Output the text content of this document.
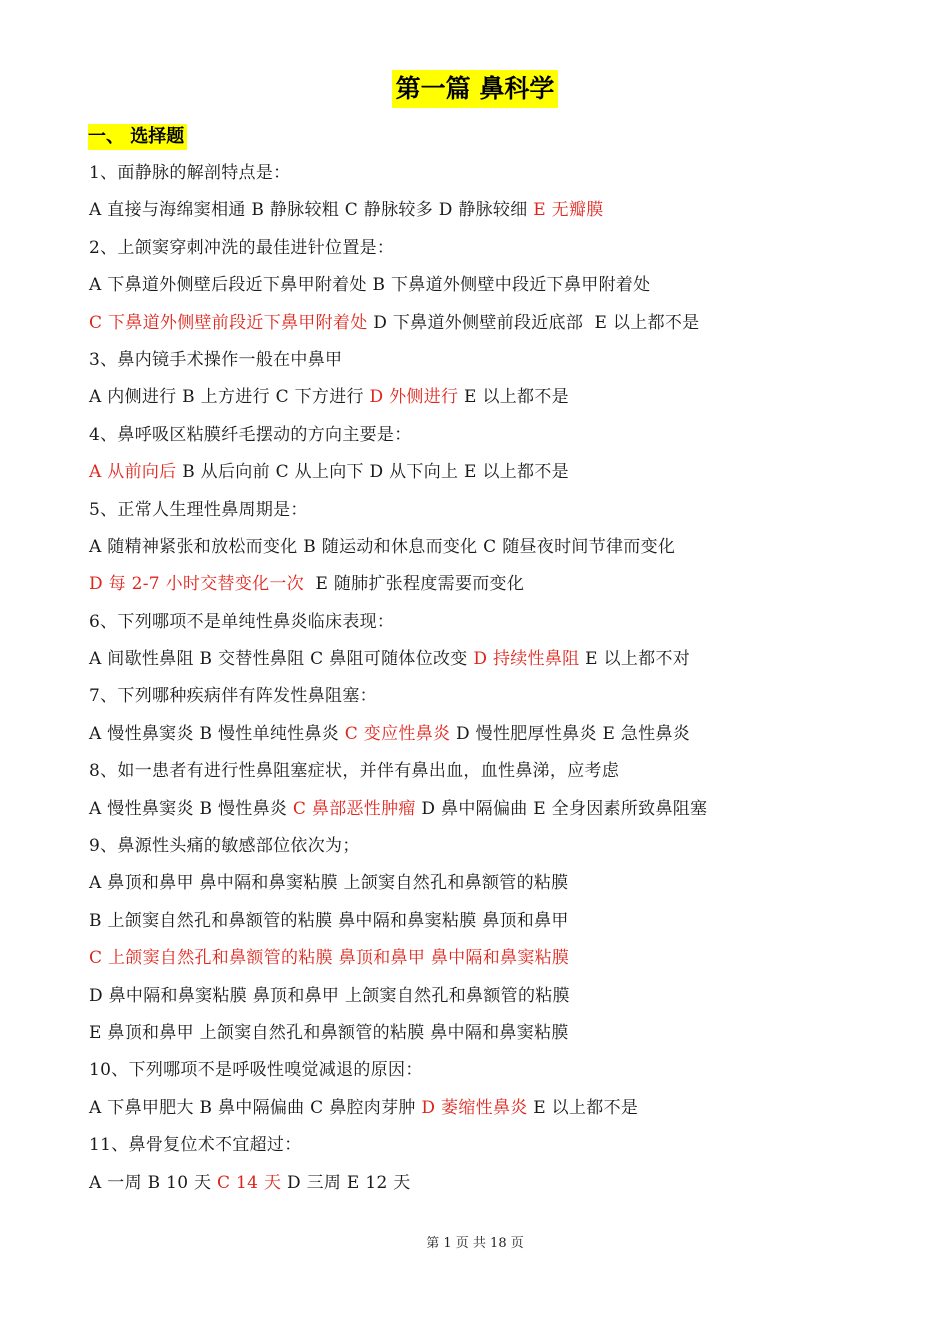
第一篇 鼻科学
一、 选择题
1、面静脉的解剖特点是：
A 直接与海绵窦相通 B 静脉较粗 C 静脉较多 D 静脉较细 E 无瓣膜
2、上颌窦穿刺冲洗的最佳进针位置是：
A 下鼻道外侧壁后段近下鼻甲附着处 B 下鼻道外侧壁中段近下鼻甲附着处
C 下鼻道外侧壁前段近下鼻甲附着处 D 下鼻道外侧壁前段近底部  E 以上都不是
3、鼻内镜手术操作一般在中鼻甲
A 内侧进行 B 上方进行 C 下方进行 D 外侧进行 E 以上都不是
4、鼻呼吸区粘膜纤毛摆动的方向主要是：
A 从前向后 B 从后向前 C 从上向下 D 从下向上 E 以上都不是
5、正常人生理性鼻周期是：
A 随精神紧张和放松而变化 B 随运动和休息而变化 C 随昼夜时间节律而变化
D 每 2-7 小时交替变化一次  E 随肺扩张程度需要而变化
6、下列哪项不是单纯性鼻炎临床表现：
A 间歇性鼻阻 B 交替性鼻阻 C 鼻阻可随体位改变 D 持续性鼻阻 E 以上都不对
7、下列哪种疾病伴有阵发性鼻阻塞：
A 慢性鼻窦炎 B 慢性单纯性鼻炎 C 变应性鼻炎 D 慢性肥厚性鼻炎 E 急性鼻炎
8、如一患者有进行性鼻阻塞症状，并伴有鼻出血，血性鼻涕，应考虑
A 慢性鼻窦炎 B 慢性鼻炎 C 鼻部恶性肿瘤 D 鼻中隔偏曲 E 全身因素所致鼻阻塞
9、鼻源性头痛的敏感部位依次为；
A 鼻顶和鼻甲 鼻中隔和鼻窦粘膜 上颌窦自然孔和鼻额管的粘膜
B 上颌窦自然孔和鼻额管的粘膜 鼻中隔和鼻窦粘膜 鼻顶和鼻甲
C 上颌窦自然孔和鼻额管的粘膜 鼻顶和鼻甲 鼻中隔和鼻窦粘膜
D 鼻中隔和鼻窦粘膜 鼻顶和鼻甲 上颌窦自然孔和鼻额管的粘膜
E 鼻顶和鼻甲 上颌窦自然孔和鼻额管的粘膜 鼻中隔和鼻窦粘膜
10、下列哪项不是呼吸性嗅觉减退的原因：
A 下鼻甲肥大 B 鼻中隔偏曲 C 鼻腔肉芽肿 D 萎缩性鼻炎 E 以上都不是
11、鼻骨复位术不宜超过：
A 一周 B 10 天 C 14 天 D 三周 E 12 天
第 1 页 共 18 页
